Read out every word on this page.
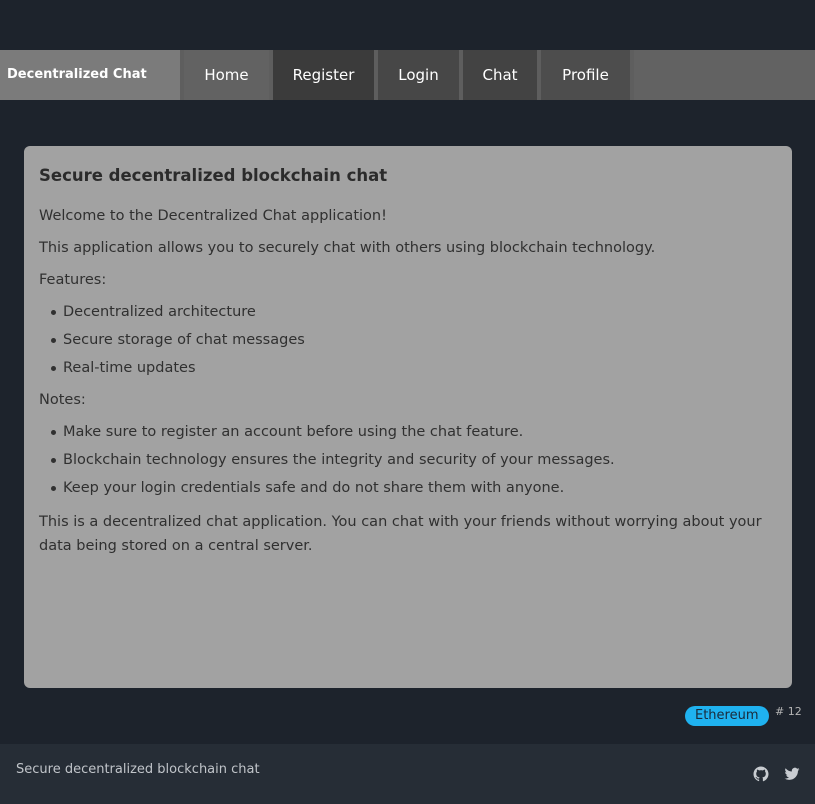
Decentralized Chat	Home	Register	Login	Chat	Profile
Secure decentralized blockchain chat

Welcome to the Decentralized Chat application!

This application allows you to securely chat with others using blockchain technology.

Features:

Decentralized architecture
Secure storage of chat messages
Real-time updates

Notes:

Make sure to register an account before using the chat feature.
Blockchain technology ensures the integrity and security of your messages.
Keep your login credentials safe and do not share them with anyone.

This is a decentralized chat application. You can chat with your friends without worrying about your data being stored on a central server.

Ethereum	# 12
Secure decentralized blockchain chat
